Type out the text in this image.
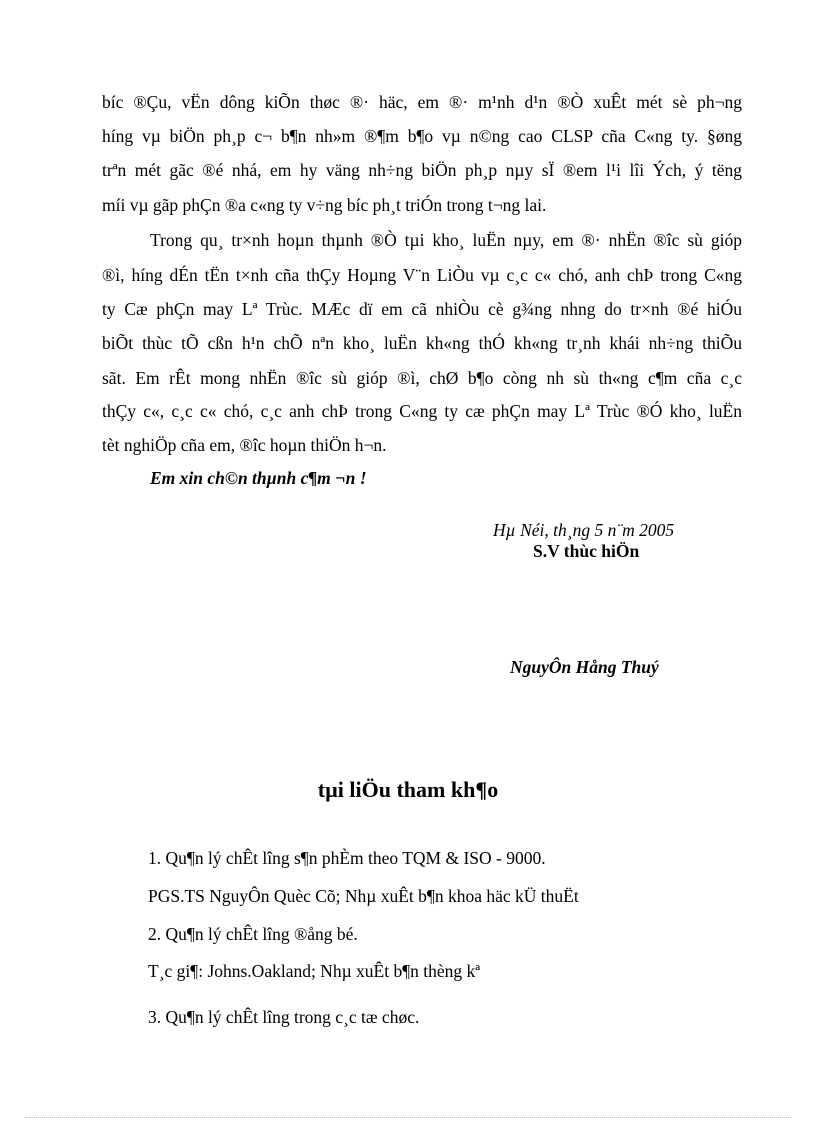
bíc ®Çu, vËn dông kiÕn thøc ®· häc, em ®· m¹nh d¹n ®Ò xuÊt mét sè ph¬ng
híng vµ biÖn ph¸p c¬ b¶n nh»m ®¶m b¶o vµ n©ng cao CLSP cña C«ng ty. §øng
trªn mét gãc ®é nhá, em hy väng nh÷ng biÖn ph¸p nµy sÏ ®em l¹i lîi Ých, ý tëng
míi vµ gãp phÇn ®a c«ng ty v÷ng bíc ph¸t triÓn trong t¬ng lai.
Trong qu¸ tr×nh hoµn thµnh ®Ò tµi kho¸ luËn nµy, em ®· nhËn ®îc sù gióp
®ì, híng dÉn tËn t×nh cña thÇy Hoµng V¨n LiÒu vµ c¸c c« chó, anh chÞ trong C«ng
ty Cæ phÇn may Lª Trùc. MÆc dï em cã nhiÒu cè g¾ng nhng do tr×nh ®é hiÓu
biÕt thùc tÕ cßn h¹n chÕ nªn kho¸ luËn kh«ng thÓ kh«ng tr¸nh khái nh÷ng thiÕu
sãt. Em rÊt mong nhËn ®îc sù gióp ®ì, chØ b¶o còng nh sù th«ng c¶m cña c¸c
thÇy c«, c¸c c« chó, c¸c anh chÞ trong C«ng ty cæ phÇn may Lª Trùc ®Ó kho¸ luËn
tèt nghiÖp cña em, ®îc hoµn thiÖn h¬n.
Em xin ch©n thµnh c¶m ¬n !
Hµ Néi, th¸ng 5 n¨m 2005
S.V thùc hiÖn
NguyÔn Hång Thuý
tµi liÖu tham kh¶o
1. Qu¶n lý chÊt lîng s¶n phÈm theo TQM & ISO - 9000.
PGS.TS NguyÔn Quèc Cõ; Nhµ xuÊt b¶n khoa häc kÜ thuËt
2. Qu¶n lý chÊt lîng ®ång bé.
T¸c gi¶: Johns.Oakland; Nhµ xuÊt b¶n thèng kª
3. Qu¶n lý chÊt lîng trong c¸c tæ chøc.
